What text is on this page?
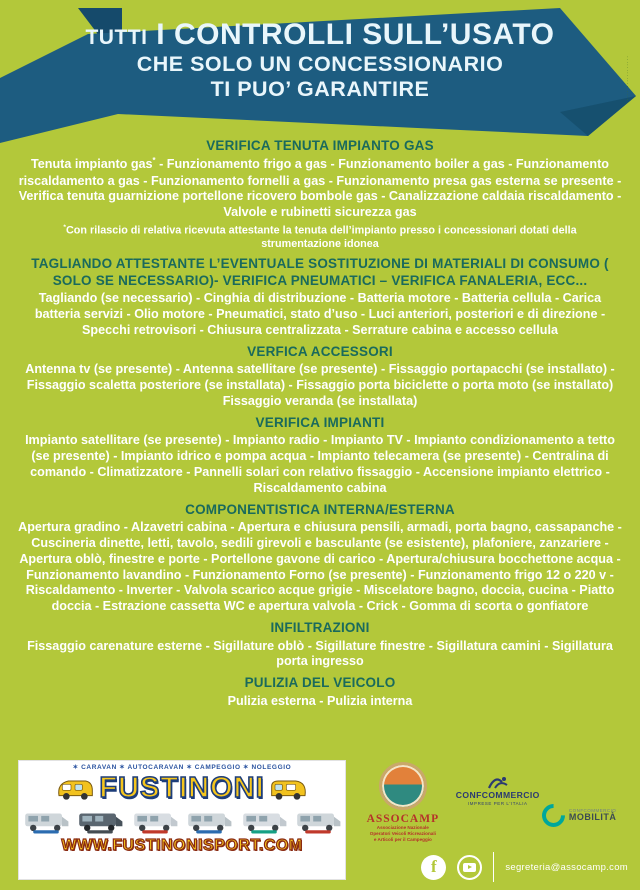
TUTTI I CONTROLLI SULL’USATO
CHE SOLO UN CONCESSIONARIO
TI PUO’ GARANTIRE	··················
VERIFICA TENUTA IMPIANTO GAS

Tenuta impianto gas* - Funzionamento frigo a gas - Funzionamento boiler a gas - Funzionamento riscaldamento a gas - Funzionamento fornelli a gas - Funzionamento presa gas esterna se presente - Verifica tenuta guarnizione portellone ricovero bombole gas - Canalizzazione caldaia riscaldamento - Valvole e rubinetti sicurezza gas

*Con rilascio di relativa ricevuta attestante la tenuta dell’impianto presso i concessionari dotati della strumentazione idonea

TAGLIANDO ATTESTANTE L’EVENTUALE SOSTITUZIONE DI MATERIALI DI CONSUMO ( SOLO SE NECESSARIO)- VERIFICA PNEUMATICI – VERIFICA FANALERIA, ECC...

Tagliando (se necessario) - Cinghia di distribuzione - Batteria motore - Batteria cellula - Carica batteria servizi - Olio motore - Pneumatici, stato d’uso - Luci anteriori, posteriori e di direzione - Specchi retrovisori - Chiusura centralizzata - Serrature cabina e accesso cellula

VERFICA ACCESSORI

Antenna tv (se presente) - Antenna satellitare (se presente) - Fissaggio portapacchi (se installato) - Fissaggio scaletta posteriore (se installata) - Fissaggio porta biciclette o porta moto (se installato) Fissaggio veranda (se installata)

VERIFICA IMPIANTI

Impianto satellitare (se presente) - Impianto radio - Impianto TV - Impianto condizionamento a tetto (se presente) - Impianto idrico e pompa acqua - Impianto telecamera (se presente) - Centralina di comando - Climatizzatore - Pannelli solari con relativo fissaggio - Accensione impianto elettrico - Riscaldamento cabina

COMPONENTISTICA INTERNA/ESTERNA

Apertura gradino - Alzavetri cabina - Apertura e chiusura pensili, armadi, porta bagno, cassapanche - Cuscineria dinette, letti, tavolo, sedili girevoli e basculante (se esistente), plafoniere, zanzariere - Apertura oblò, finestre e porte - Portellone gavone di carico - Apertura/chiusura bocchettone acqua - Funzionamento lavandino - Funzionamento Forno (se presente) - Funzionamento frigo 12 o 220 v - Riscaldamento - Inverter - Valvola scarico acque grigie - Miscelatore bagno, doccia, cucina - Piatto doccia - Estrazione cassetta WC e apertura valvola - Crick - Gomma di scorta o gonfiatore

INFILTRAZIONI

Fissaggio carenature esterne - Sigillature oblò - Sigillature finestre - Sigillatura camini - Sigillatura porta ingresso

PULIZIA DEL VEICOLO

Pulizia esterna - Pulizia interna

✶ CARAVAN ✶ AUTOCARAVAN ✶ CAMPEGGIO ✶ NOLEGGIO
FUSTINONI
WWW.FUSTINONISPORT.COM
ASSOCAMP
Associazione Nazionale
Operatori Veicoli Ricreazionali
e Articoli per il Campeggio
CONFCOMMERCIO
IMPRESE PER L'ITALIA
CONFCOMMERCIO
MOBILITÀ
f	segreteria@assocamp.com
